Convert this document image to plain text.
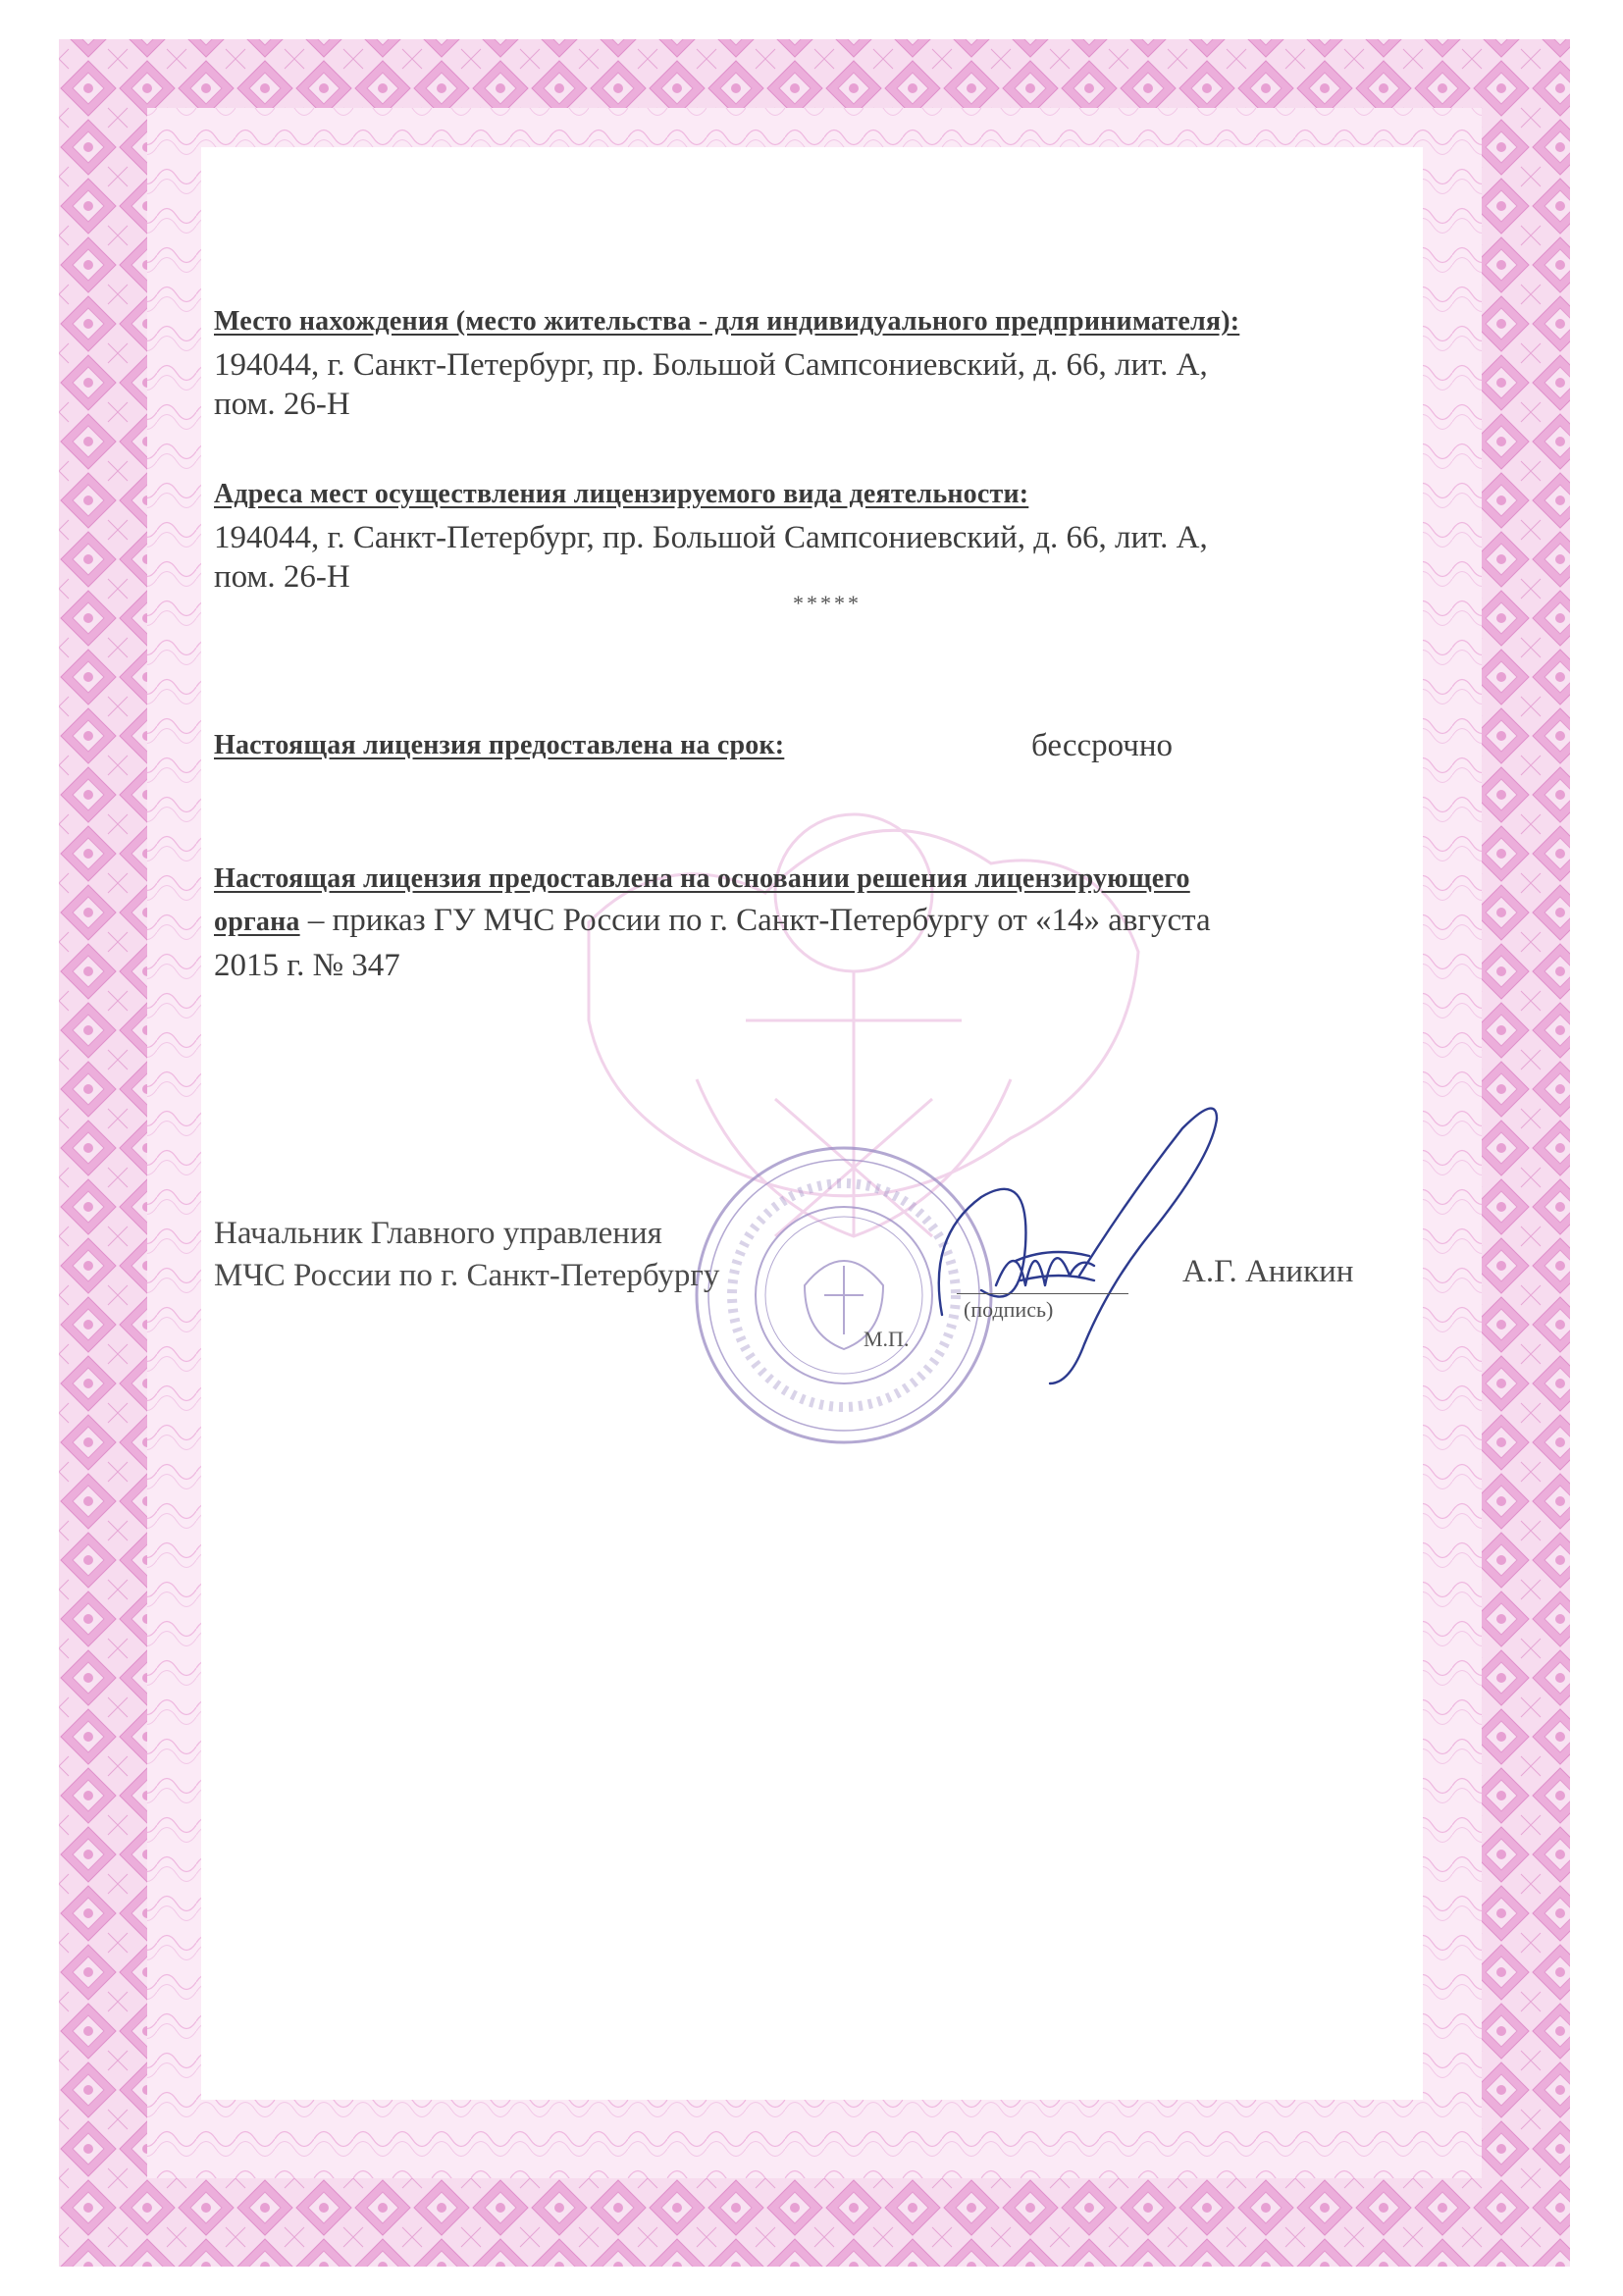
Место нахождения (место жительства - для индивидуального предпринимателя):
194044, г. Санкт-Петербург, пр. Большой Сампсониевский, д. 66, лит. А,
пом. 26-Н
Адреса мест осуществления лицензируемого вида деятельности:
194044, г. Санкт-Петербург, пр. Большой Сампсониевский, д. 66, лит. А,
пом. 26-Н
*****
Настоящая лицензия предоставлена на срок:	бессрочно
Настоящая лицензия предоставлена на основании решения лицензирующего
органа – приказ ГУ МЧС России по г. Санкт-Петербургу от «14» августа
2015 г. № 347
Начальник Главного управления
МЧС России по г. Санкт-Петербургу
(подпись)
М.П.
А.Г. Аникин
